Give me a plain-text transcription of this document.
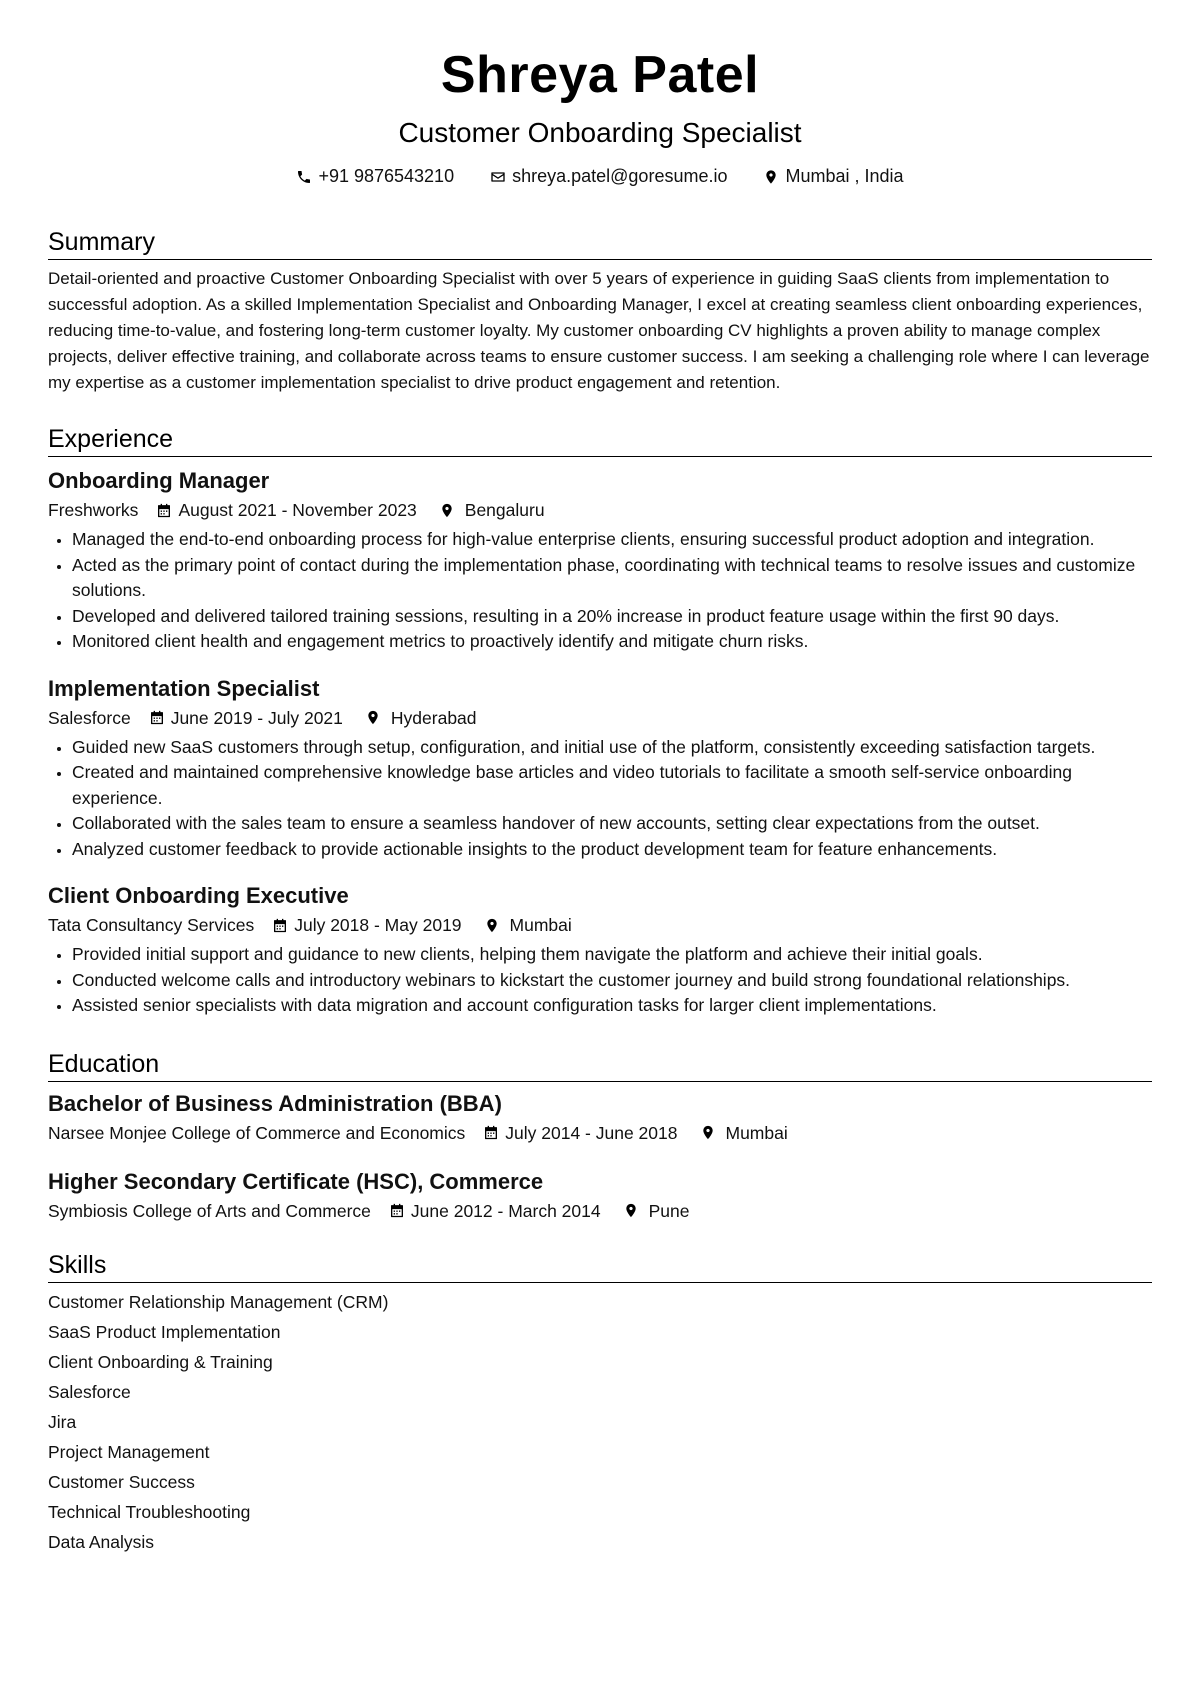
Shreya Patel
Customer Onboarding Specialist
+91 9876543210	shreya.patel@goresume.io	Mumbai , India
Summary

Detail-oriented and proactive Customer Onboarding Specialist with over 5 years of experience in guiding SaaS clients from implementation to successful adoption. As a skilled Implementation Specialist and Onboarding Manager, I excel at creating seamless client onboarding experiences, reducing time-to-value, and fostering long-term customer loyalty. My customer onboarding CV highlights a proven ability to manage complex projects, deliver effective training, and collaborate across teams to ensure customer success. I am seeking a challenging role where I can leverage my expertise as a customer implementation specialist to drive product engagement and retention.

Experience
Onboarding Manager
Freshworks August 2021 - November 2023	Bengaluru
• Managed the end-to-end onboarding process for high-value enterprise clients, ensuring successful product adoption and integration.
• Acted as the primary point of contact during the implementation phase, coordinating with technical teams to resolve issues and customize solutions.
• Developed and delivered tailored training sessions, resulting in a 20% increase in product feature usage within the first 90 days.
• Monitored client health and engagement metrics to proactively identify and mitigate churn risks.
Implementation Specialist
Salesforce June 2019 - July 2021	Hyderabad
• Guided new SaaS customers through setup, configuration, and initial use of the platform, consistently exceeding satisfaction targets.
• Created and maintained comprehensive knowledge base articles and video tutorials to facilitate a smooth self-service onboarding experience.
• Collaborated with the sales team to ensure a seamless handover of new accounts, setting clear expectations from the outset.
• Analyzed customer feedback to provide actionable insights to the product development team for feature enhancements.
Client Onboarding Executive
Tata Consultancy Services July 2018 - May 2019	Mumbai
• Provided initial support and guidance to new clients, helping them navigate the platform and achieve their initial goals.
• Conducted welcome calls and introductory webinars to kickstart the customer journey and build strong foundational relationships.
• Assisted senior specialists with data migration and account configuration tasks for larger client implementations.
Education
Bachelor of Business Administration (BBA)
Narsee Monjee College of Commerce and Economics July 2014 - June 2018	Mumbai
Higher Secondary Certificate (HSC), Commerce
Symbiosis College of Arts and Commerce June 2012 - March 2014	Pune
Skills
Customer Relationship Management (CRM)
SaaS Product Implementation
Client Onboarding & Training
Salesforce
Jira
Project Management
Customer Success
Technical Troubleshooting
Data Analysis
